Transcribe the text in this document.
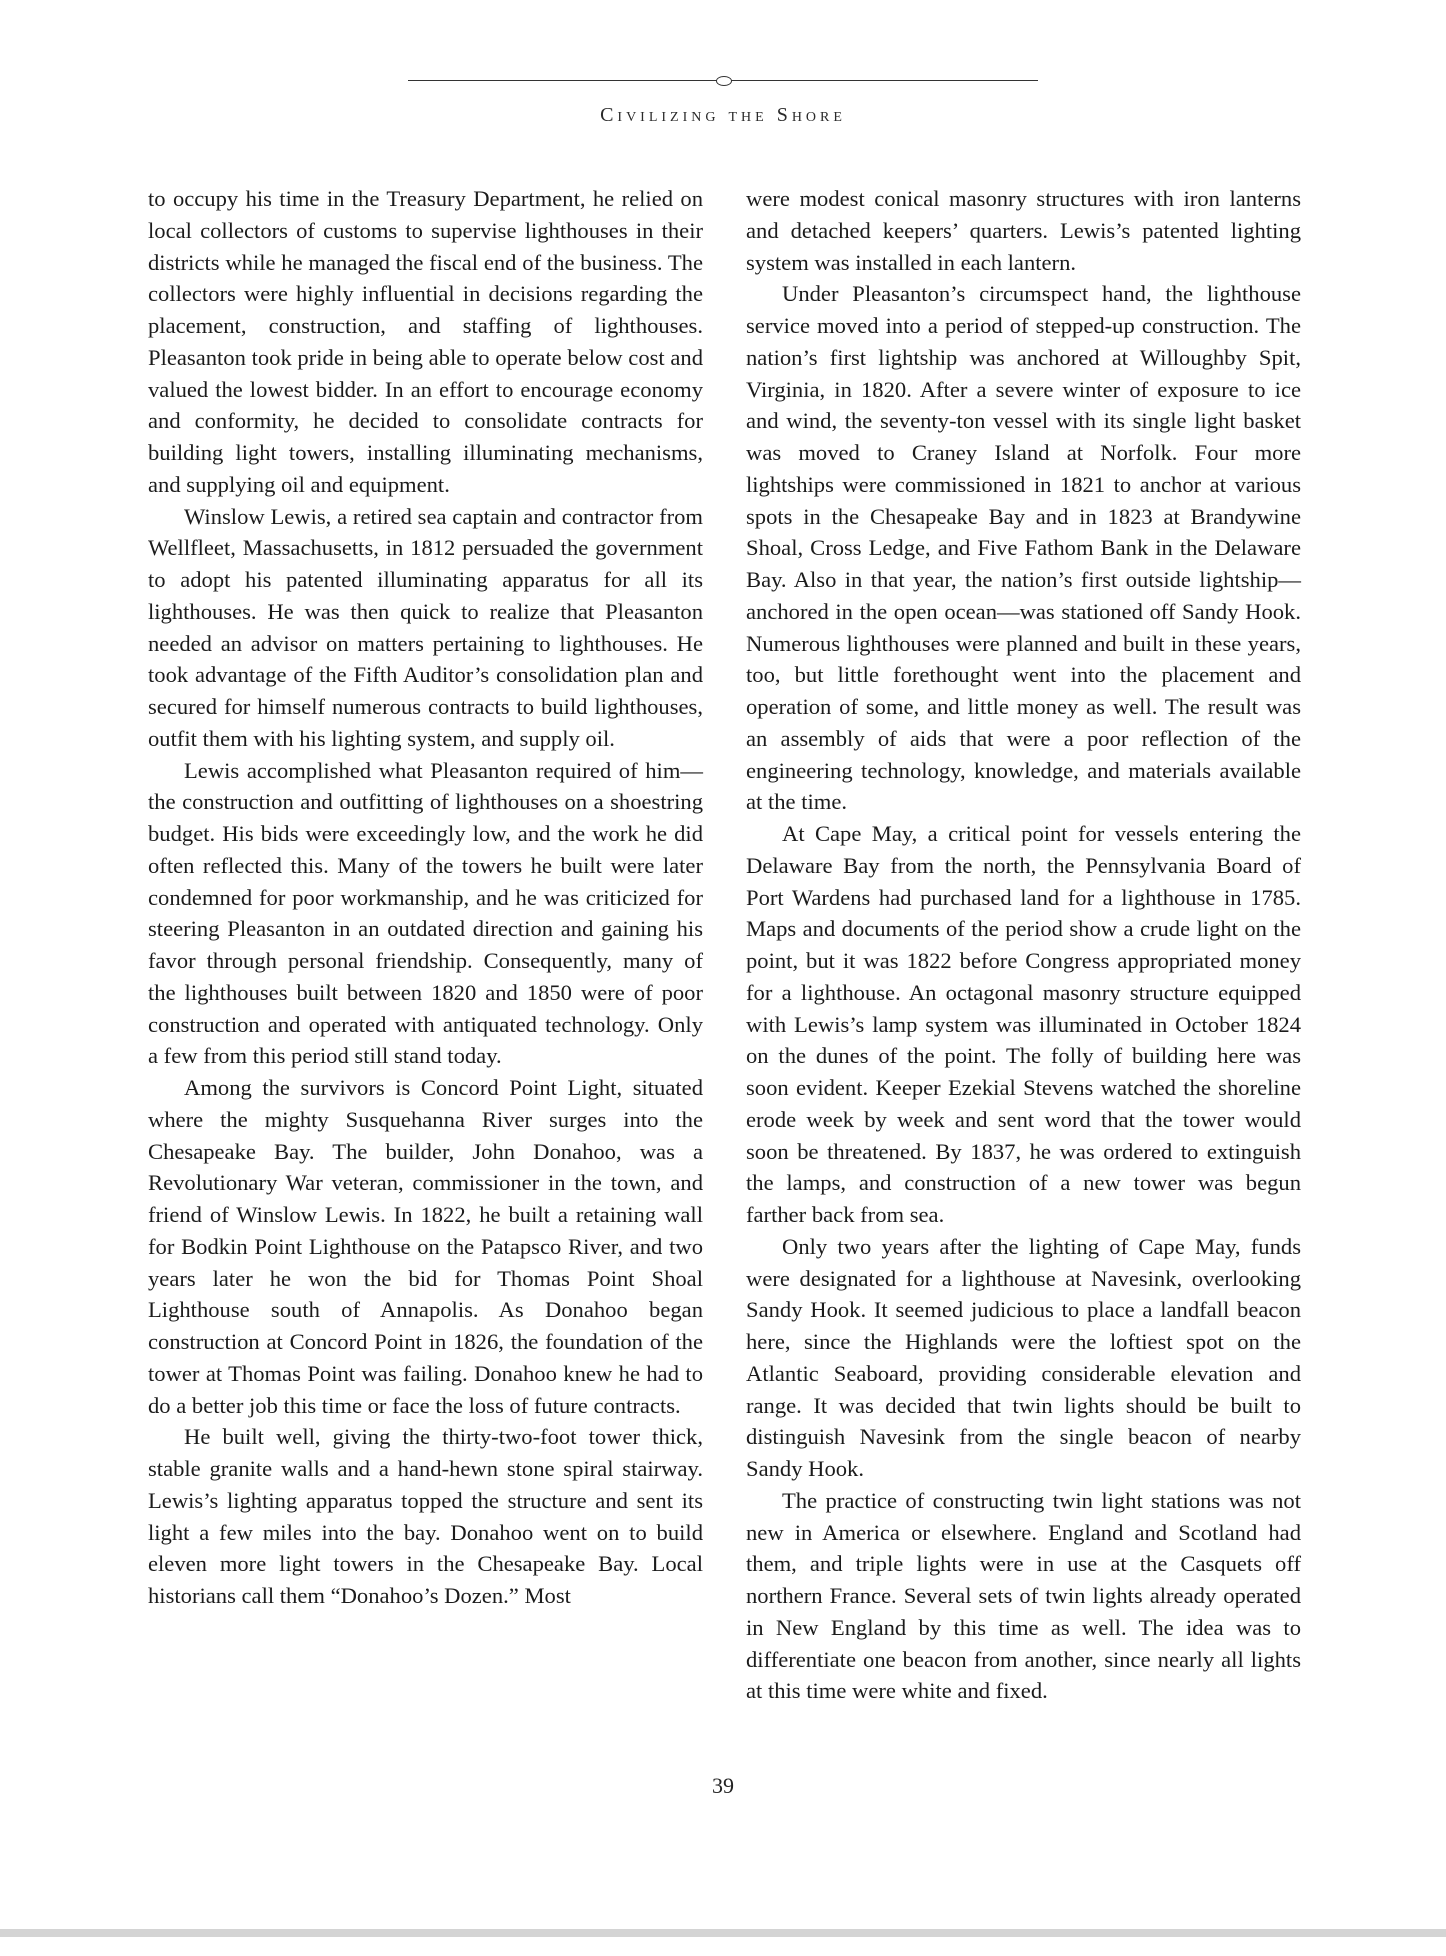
Civilizing the Shore

to occupy his time in the Treasury Department, he relied on local collectors of customs to supervise lighthouses in their districts while he managed the fiscal end of the business. The collectors were highly influential in decisions regarding the placement, construction, and staffing of lighthouses. Pleasanton took pride in being able to operate below cost and valued the lowest bidder. In an effort to encourage economy and conformity, he decided to consolidate contracts for building light towers, installing illuminating mechanisms, and supplying oil and equipment.

Winslow Lewis, a retired sea captain and contractor from Wellfleet, Massachusetts, in 1812 persuaded the government to adopt his patented illuminating apparatus for all its lighthouses. He was then quick to realize that Pleasanton needed an advisor on matters pertaining to lighthouses. He took advantage of the Fifth Auditor’s consolidation plan and secured for himself numerous contracts to build lighthouses, outfit them with his lighting system, and supply oil.

Lewis accomplished what Pleasanton required of him—the construction and outfitting of lighthouses on a shoestring budget. His bids were exceedingly low, and the work he did often reflected this. Many of the towers he built were later condemned for poor workmanship, and he was criticized for steering Pleasanton in an outdated direction and gaining his favor through personal friendship. Consequently, many of the lighthouses built between 1820 and 1850 were of poor construction and operated with antiquated technology. Only a few from this period still stand today.

Among the survivors is Concord Point Light, situated where the mighty Susquehanna River surges into the Chesapeake Bay. The builder, John Donahoo, was a Revolutionary War veteran, commissioner in the town, and friend of Winslow Lewis. In 1822, he built a retaining wall for Bodkin Point Lighthouse on the Patapsco River, and two years later he won the bid for Thomas Point Shoal Lighthouse south of Annapolis. As Donahoo began construction at Concord Point in 1826, the foundation of the tower at Thomas Point was failing. Donahoo knew he had to do a better job this time or face the loss of future contracts.

He built well, giving the thirty-two-foot tower thick, stable granite walls and a hand-hewn stone spiral stairway. Lewis’s lighting apparatus topped the structure and sent its light a few miles into the bay. Donahoo went on to build eleven more light towers in the Chesapeake Bay. Local historians call them “Donahoo’s Dozen.” Most

were modest conical masonry structures with iron lanterns and detached keepers’ quarters. Lewis’s patented lighting system was installed in each lantern.

Under Pleasanton’s circumspect hand, the lighthouse service moved into a period of stepped-up construction. The nation’s first lightship was anchored at Willoughby Spit, Virginia, in 1820. After a severe winter of exposure to ice and wind, the seventy-ton vessel with its single light basket was moved to Craney Island at Norfolk. Four more lightships were commissioned in 1821 to anchor at various spots in the Chesapeake Bay and in 1823 at Brandywine Shoal, Cross Ledge, and Five Fathom Bank in the Delaware Bay. Also in that year, the nation’s first outside lightship—anchored in the open ocean—was stationed off Sandy Hook. Numerous lighthouses were planned and built in these years, too, but little forethought went into the placement and operation of some, and little money as well. The result was an assembly of aids that were a poor reflection of the engineering technology, knowledge, and materials available at the time.

At Cape May, a critical point for vessels entering the Delaware Bay from the north, the Pennsylvania Board of Port Wardens had purchased land for a lighthouse in 1785. Maps and documents of the period show a crude light on the point, but it was 1822 before Congress appropriated money for a lighthouse. An octagonal masonry structure equipped with Lewis’s lamp system was illuminated in October 1824 on the dunes of the point. The folly of building here was soon evident. Keeper Ezekial Stevens watched the shoreline erode week by week and sent word that the tower would soon be threatened. By 1837, he was ordered to extinguish the lamps, and construction of a new tower was begun farther back from sea.

Only two years after the lighting of Cape May, funds were designated for a lighthouse at Navesink, overlooking Sandy Hook. It seemed judicious to place a landfall beacon here, since the Highlands were the loftiest spot on the Atlantic Seaboard, providing considerable elevation and range. It was decided that twin lights should be built to distinguish Navesink from the single beacon of nearby Sandy Hook.

The practice of constructing twin light stations was not new in America or elsewhere. England and Scotland had them, and triple lights were in use at the Casquets off northern France. Several sets of twin lights already operated in New England by this time as well. The idea was to differentiate one beacon from another, since nearly all lights at this time were white and fixed.

39
